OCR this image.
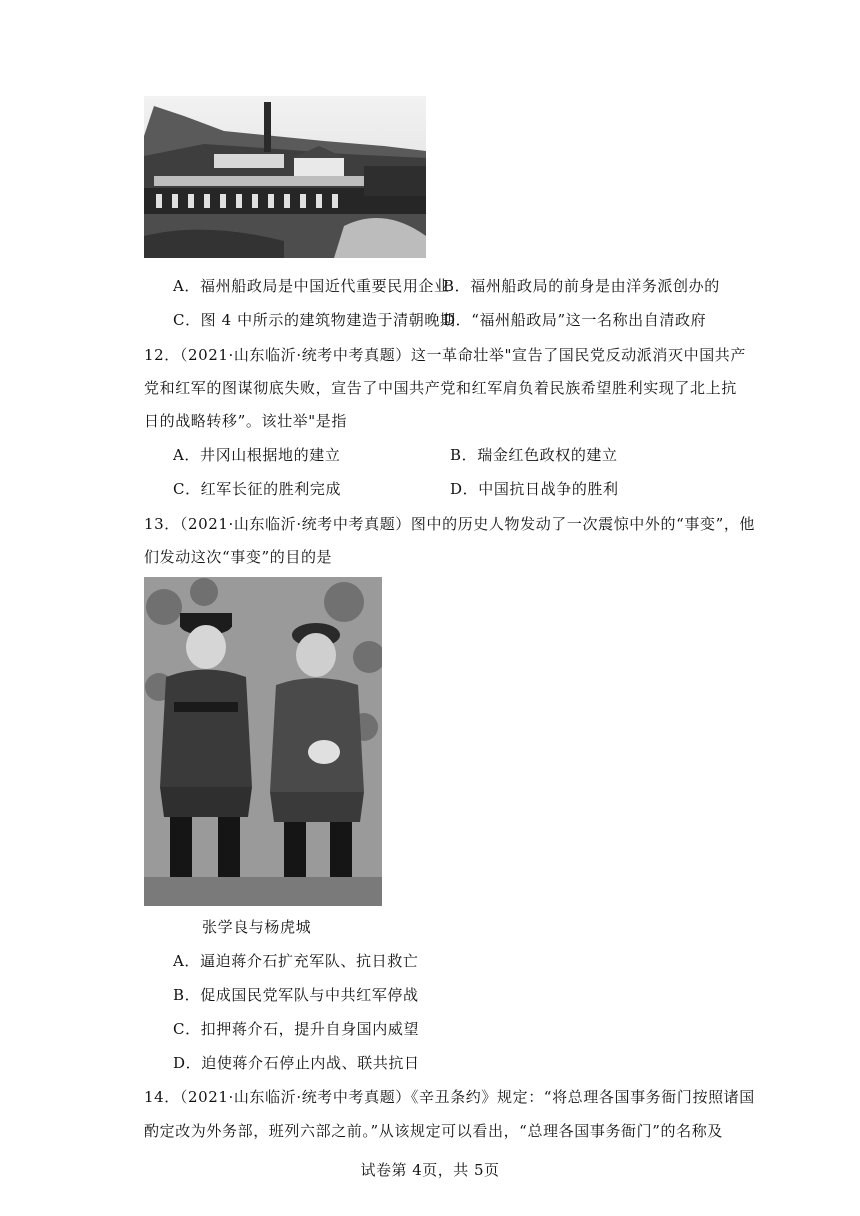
A．福州船政局是中国近代重要民用企业
B．福州船政局的前身是由洋务派创办的
C．图 4 中所示的建筑物建造于清朝晚期
D．“福州船政局”这一名称出自清政府
12．（2021·山东临沂·统考中考真题）这一革命壮举"宣告了国民党反动派消灭中国共产
党和红军的图谋彻底失败，宣告了中国共产党和红军肩负着民族希望胜利实现了北上抗
日的战略转移”。该壮举"是指
A．井冈山根据地的建立	B．瑞金红色政权的建立
C．红军长征的胜利完成	D．中国抗日战争的胜利
13．（2021·山东临沂·统考中考真题）图中的历史人物发动了一次震惊中外的“事变”，他
们发动这次“事变”的目的是
张学良与杨虎城
A．逼迫蒋介石扩充军队、抗日救亡
B．促成国民党军队与中共红军停战
C．扣押蒋介石，提升自身国内威望
D．迫使蒋介石停止内战、联共抗日
14．（2021·山东临沂·统考中考真题）《辛丑条约》规定：“将总理各国事务衙门按照诸国
酌定改为外务部，班列六部之前。”从该规定可以看出，“总理各国事务衙门”的名称及
试卷第 4页，共 5页
